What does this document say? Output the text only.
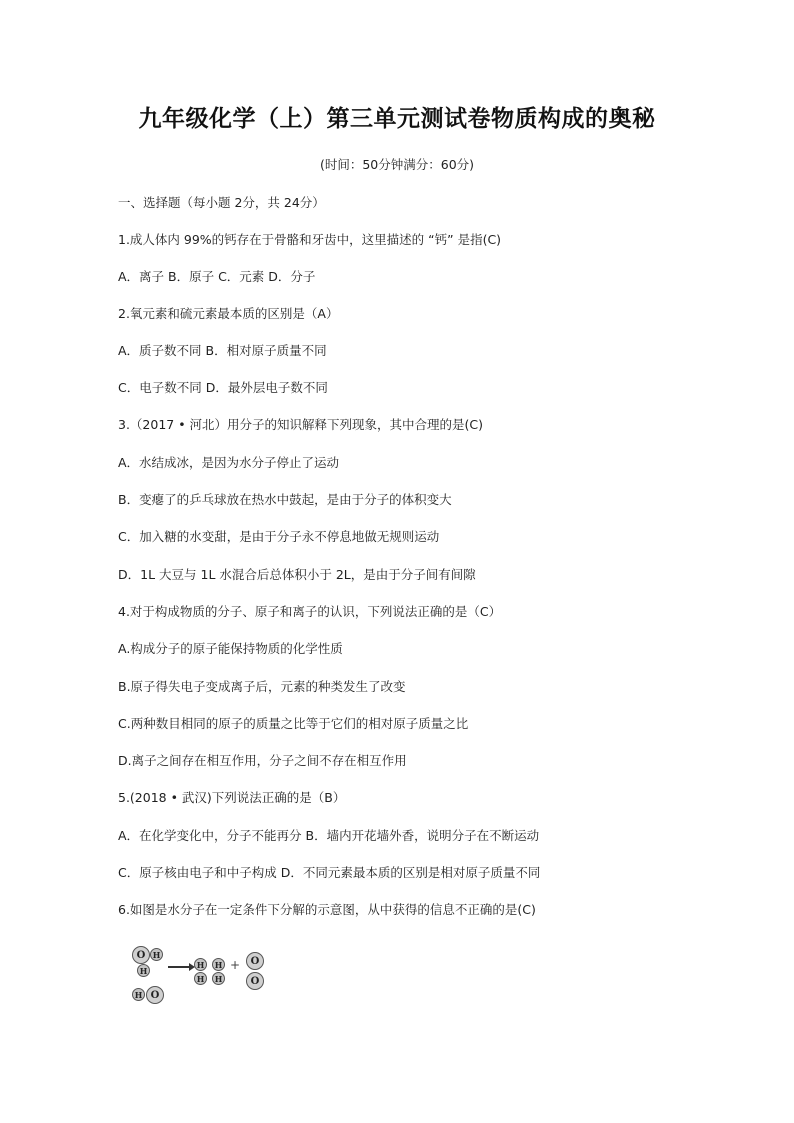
九年级化学（上）第三单元测试卷物质构成的奥秘
(时间：50分钟满分：60分)
一、选择题（每小题 2分，共 24分）
1.成人体内 99%的钙存在于骨骼和牙齿中，这里描述的 “钙” 是指(C)
A．离子 B．原子 C．元素 D．分子
2.氧元素和硫元素最本质的区别是（A）
A．质子数不同 B．相对原子质量不同
C．电子数不同 D．最外层电子数不同
3.（2017 • 河北）用分子的知识解释下列现象，其中合理的是(C)
A．水结成冰，是因为水分子停止了运动
B．变瘪了的乒乓球放在热水中鼓起，是由于分子的体积变大
C．加入糖的水变甜，是由于分子永不停息地做无规则运动
D．1L 大豆与 1L 水混合后总体积小于 2L，是由于分子间有间隙
4.对于构成物质的分子、原子和离子的认识，下列说法正确的是（C）
A.构成分子的原子能保持物质的化学性质
B.原子得失电子变成离子后，元素的种类发生了改变
C.两种数目相同的原子的质量之比等于它们的相对原子质量之比
D.离子之间存在相互作用，分子之间不存在相互作用
5.(2018 • 武汉)下列说法正确的是（B）
A．在化学变化中，分子不能再分 B．墙内开花墙外香，说明分子在不断运动
C．原子核由电子和中子构成 D．不同元素最本质的区别是相对原子质量不同
6.如图是水分子在一定条件下分解的示意图，从中获得的信息不正确的是(C)
O H
H
H O
→ H
H
H
H
+	O
O
